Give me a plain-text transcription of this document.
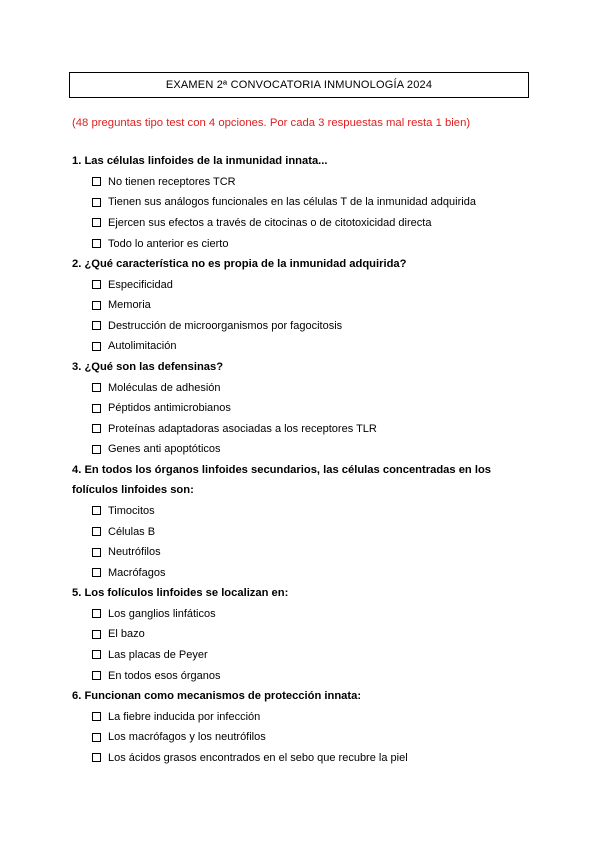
EXAMEN 2ª CONVOCATORIA INMUNOLOGÍA 2024
(48 preguntas tipo test con 4 opciones. Por cada 3 respuestas mal resta 1 bien)
1. Las células linfoides de la inmunidad innata...
No tienen receptores TCR
Tienen sus análogos funcionales en las células T de la inmunidad adquirida
Ejercen sus efectos a través de citocinas o de citotoxicidad directa
Todo lo anterior es cierto
2. ¿Qué característica no es propia de la inmunidad adquirida?
Especificidad
Memoria
Destrucción de microorganismos por fagocitosis
Autolimitación
3. ¿Qué son las defensinas?
Moléculas de adhesión
Péptidos antimicrobianos
Proteínas adaptadoras asociadas a los receptores TLR
Genes anti apoptóticos
4. En todos los órganos linfoides secundarios, las células concentradas en los
folículos linfoides son:
Timocitos
Células B
Neutrófilos
Macrófagos
5. Los folículos linfoides se localizan en:
Los ganglios linfáticos
El bazo
Las placas de Peyer
En todos esos órganos
6. Funcionan como mecanismos de protección innata:
La fiebre inducida por infección
Los macrófagos y los neutrófilos
Los ácidos grasos encontrados en el sebo que recubre la piel
